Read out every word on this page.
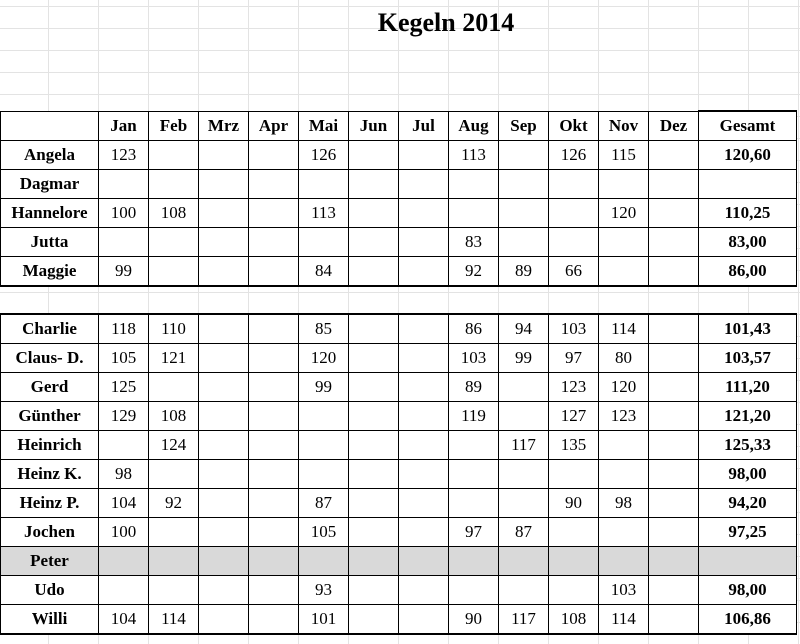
Kegeln 2014
	Jan	Feb	Mrz	Apr	Mai	Jun	Jul	Aug	Sep	Okt	Nov	Dez	Gesamt
Angela	123				126			113		126	115		120,60
Dagmar													
Hannelore	100	108			113						120		110,25
Jutta								83					83,00
Maggie	99				84			92	89	66			86,00

Charlie	118	110			85			86	94	103	114		101,43
Claus- D.	105	121			120			103	99	97	80		103,57
Gerd	125				99			89		123	120		111,20
Günther	129	108						119		127	123		121,20
Heinrich		124							117	135			125,33
Heinz K.	98												98,00
Heinz P.	104	92			87					90	98		94,20
Jochen	100				105			97	87				97,25
Peter													
Udo					93						103		98,00
Willi	104	114			101			90	117	108	114		106,86
